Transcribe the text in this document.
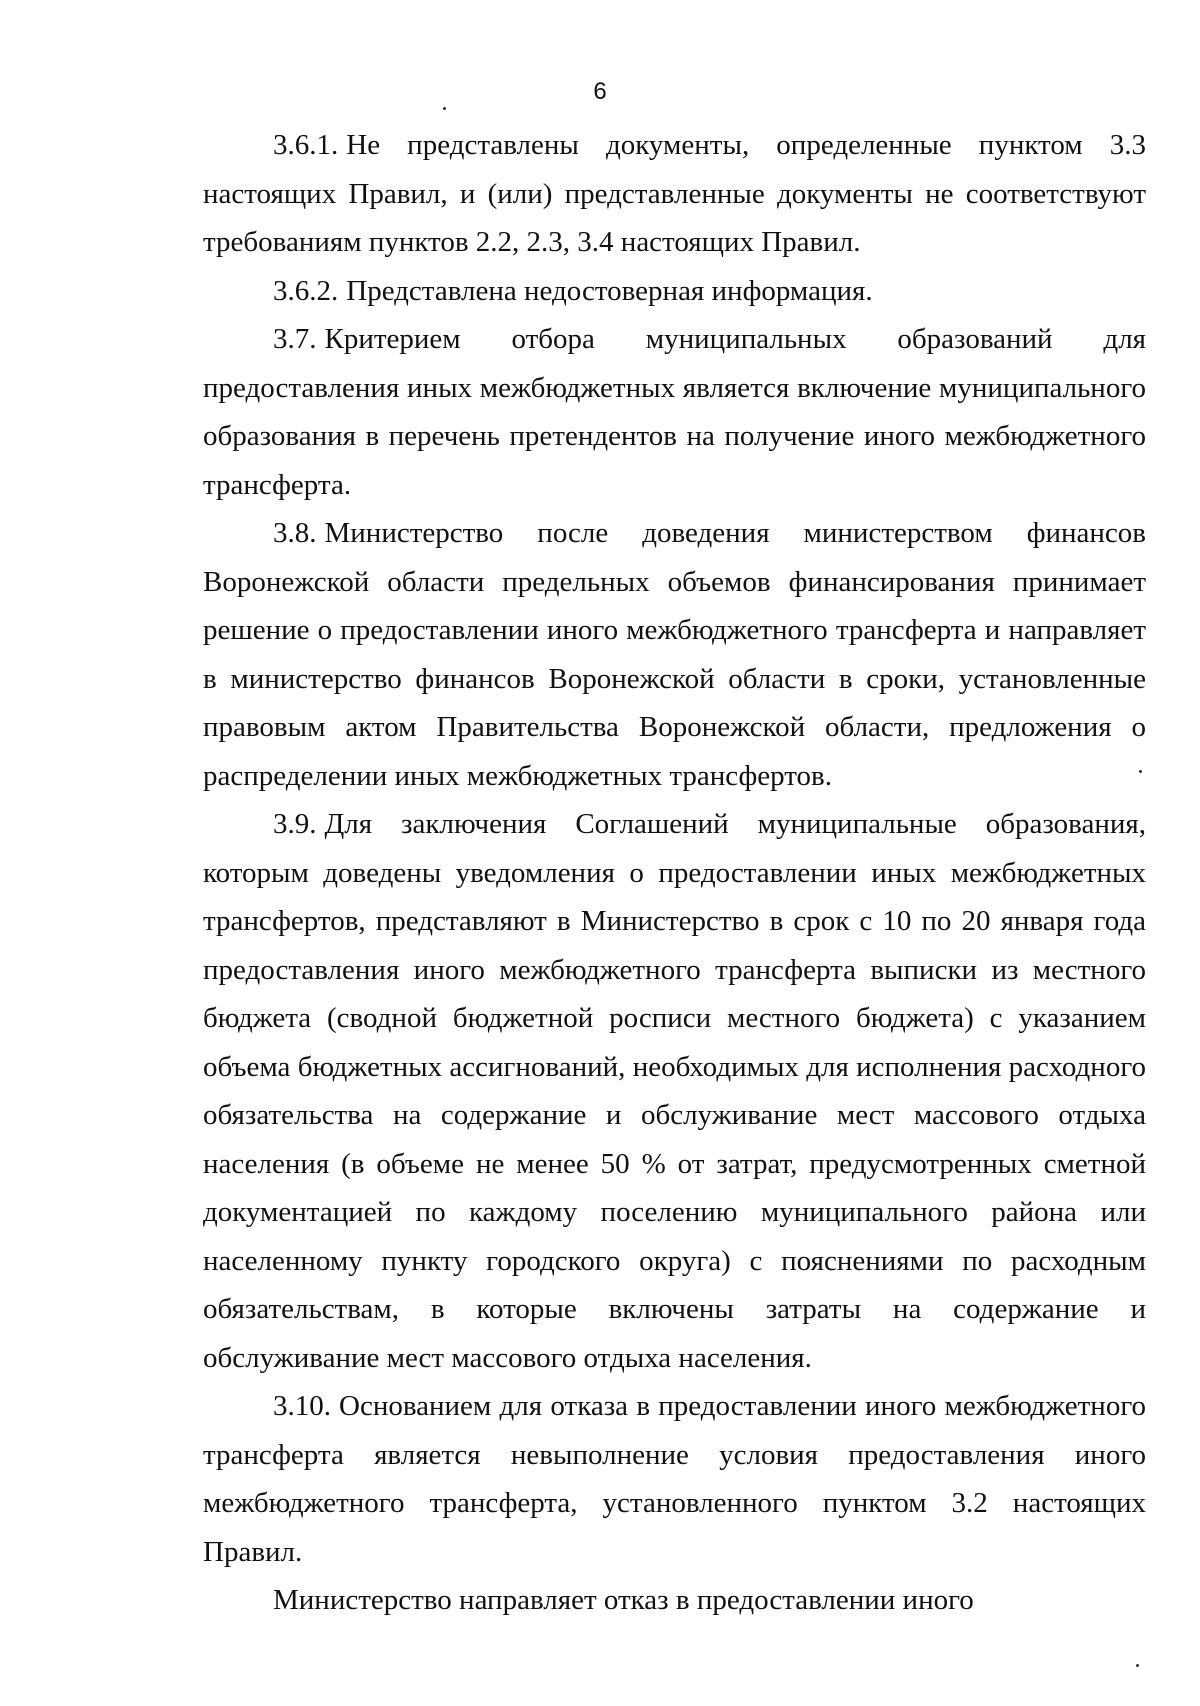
6

3.6.1. Не представлены документы, определенные пунктом 3.3 настоящих Правил, и (или) представленные документы не соответствуют требованиям пунктов 2.2, 2.3, 3.4 настоящих Правил.

3.6.2. Представлена недостоверная информация.

3.7. Критерием отбора муниципальных образований для предоставления иных межбюджетных является включение муниципального образования в перечень претендентов на получение иного межбюджетного трансферта.

3.8. Министерство после доведения министерством финансов Воронежской области предельных объемов финансирования принимает решение о предоставлении иного межбюджетного трансферта и направляет в министерство финансов Воронежской области в сроки, установленные правовым актом Правительства Воронежской области, предложения о распределении иных межбюджетных трансфертов.

3.9. Для заключения Соглашений муниципальные образования, которым доведены уведомления о предоставлении иных межбюджетных трансфертов, представляют в Министерство в срок с 10 по 20 января года предоставления иного межбюджетного трансферта выписки из местного бюджета (сводной бюджетной росписи местного бюджета) с указанием объема бюджетных ассигнований, необходимых для исполнения расходного обязательства на содержание и обслуживание мест массового отдыха населения (в объеме не менее 50 % от затрат, предусмотренных сметной документацией по каждому поселению муниципального района или населенному пункту городского округа) с пояснениями по расходным обязательствам, в которые включены затраты на содержание и обслуживание мест массового отдыха населения.

3.10. Основанием для отказа в предоставлении иного межбюджетного трансферта является невыполнение условия предоставления иного межбюджетного трансферта, установленного пунктом 3.2 настоящих Правил.

Министерство направляет отказ в предоставлении иного
